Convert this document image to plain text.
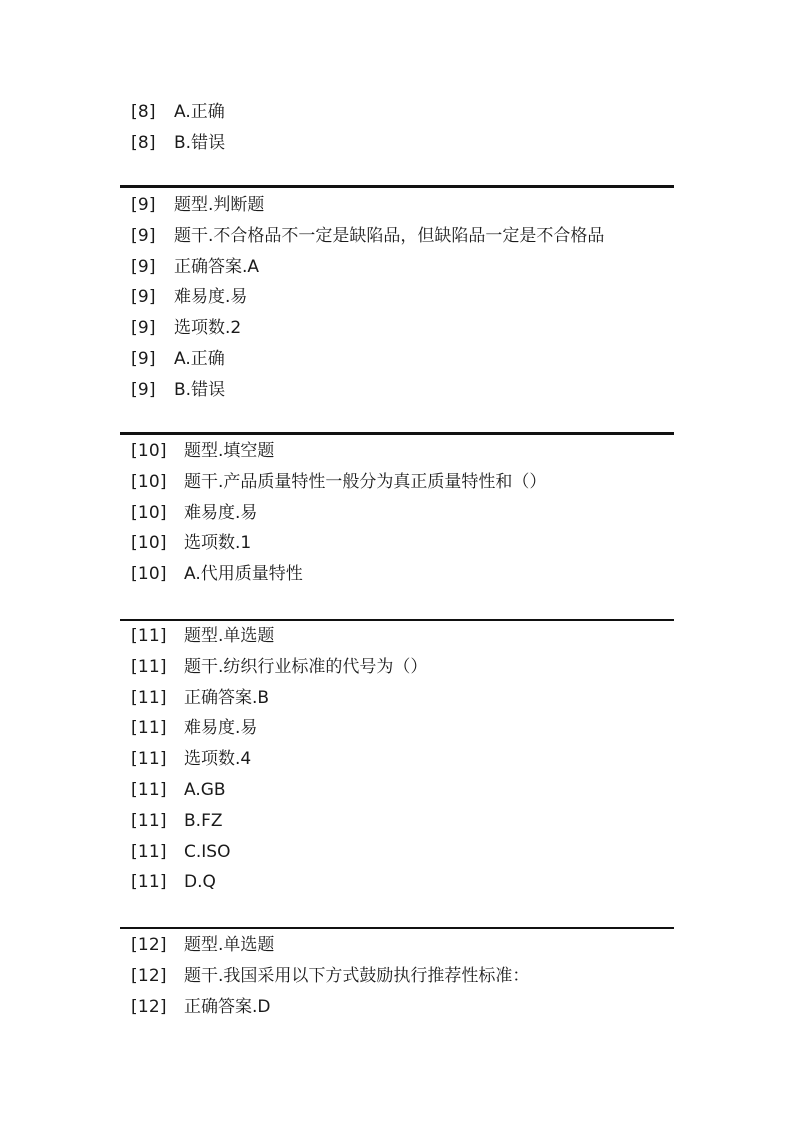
[8]	A.正确
[8]	B.错误
[9]	题型.判断题
[9]	题干.不合格品不一定是缺陷品，但缺陷品一定是不合格品
[9]	正确答案.A
[9]	难易度.易
[9]	选项数.2
[9]	A.正确
[9]	B.错误
[10]	题型.填空题
[10]	题干.产品质量特性一般分为真正质量特性和（）
[10]	难易度.易
[10]	选项数.1
[10]	A.代用质量特性
[11]	题型.单选题
[11]	题干.纺织行业标准的代号为（）
[11]	正确答案.B
[11]	难易度.易
[11]	选项数.4
[11]	A.GB
[11]	B.FZ
[11]	C.ISO
[11]	D.Q
[12]	题型.单选题
[12]	题干.我国采用以下方式鼓励执行推荐性标准：
[12]	正确答案.D
